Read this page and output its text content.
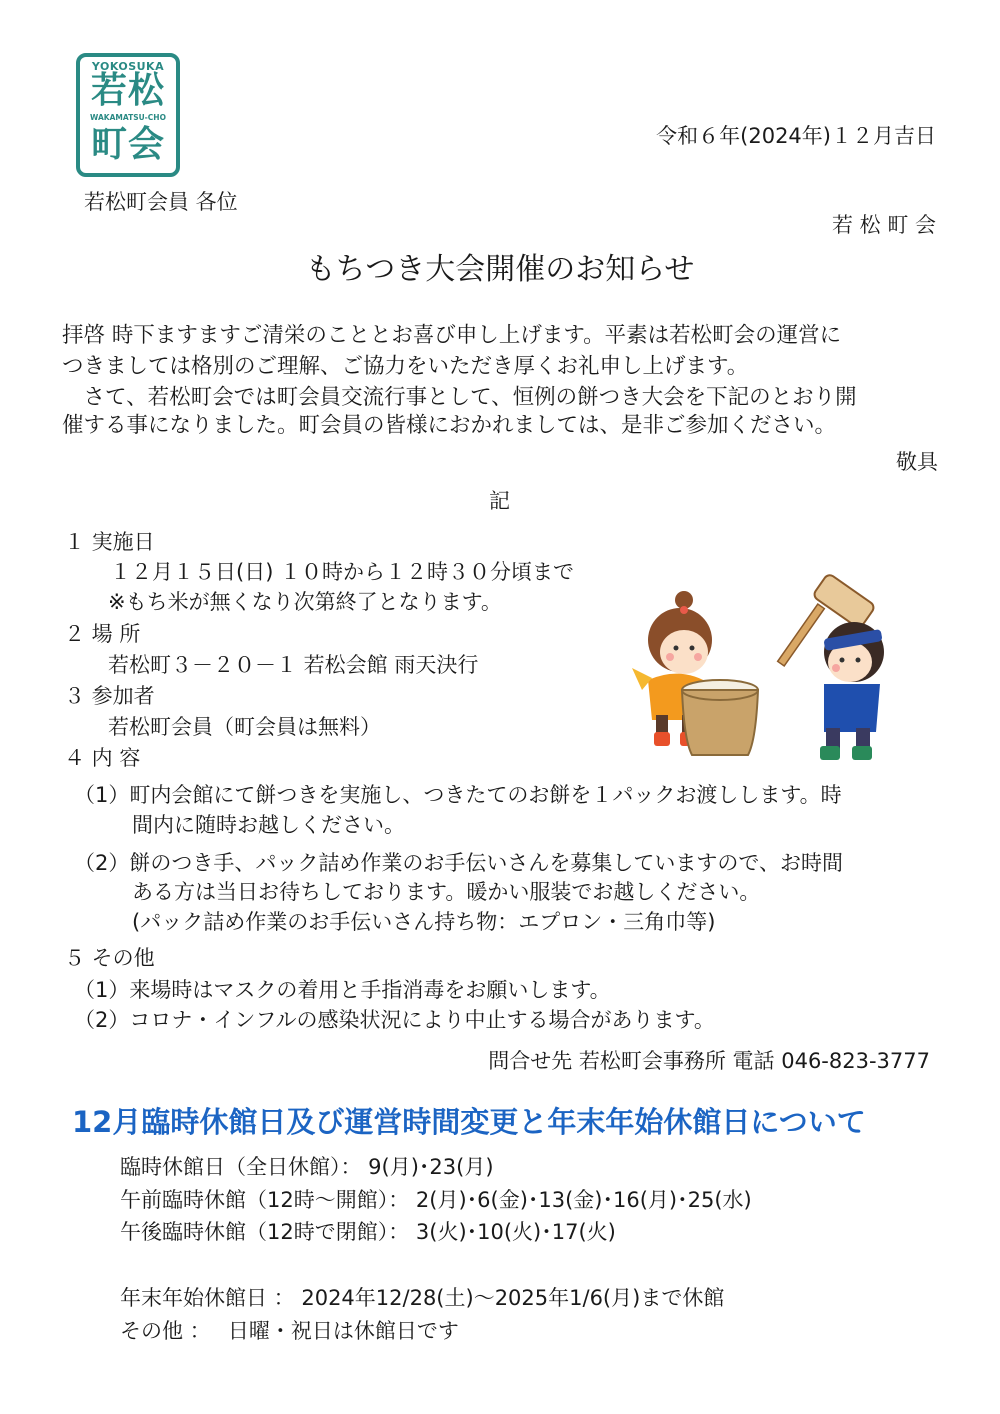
YOKOSUKA
若松
WAKAMATSU-CHO
町会	令和６年(2024年)１２月吉日
若松町会員 各位
若 松 町 会
もちつき大会開催のお知らせ
拝啓 時下ますますご清栄のこととお喜び申し上げます。平素は若松町会の運営に
つきましては格別のご理解、ご協力をいただき厚くお礼申し上げます。
　さて、若松町会では町会員交流行事として、恒例の餅つき大会を下記のとおり開
催する事になりました。町会員の皆様におかれましては、是非ご参加ください。
敬具
記
１ 実施日
１２月１５日(日) １０時から１２時３０分頃まで
※もち米が無くなり次第終了となります。
２ 場 所
若松町３－２０－１ 若松会館 雨天決行
３ 参加者
若松町会員（町会員は無料）
４ 内 容
（1）町内会館にて餅つきを実施し、つきたてのお餅を１パックお渡しします。時
間内に随時お越しください。
（2）餅のつき手、パック詰め作業のお手伝いさんを募集していますので、お時間
ある方は当日お待ちしております。暖かい服装でお越しください。
(パック詰め作業のお手伝いさん持ち物：エプロン・三角巾等)
５ その他
（1）来場時はマスクの着用と手指消毒をお願いします。
（2）コロナ・インフルの感染状況により中止する場合があります。
問合せ先 若松町会事務所 電話 046-823-3777
12月臨時休館日及び運営時間変更と年末年始休館日について
臨時休館日（全日休館）： 9(月)･23(月)
午前臨時休館（12時～開館）： 2(月)･6(金)･13(金)･16(月)･25(水)
午後臨時休館（12時で閉館）： 3(火)･10(火)･17(火)
年末年始休館日 ： 2024年12/28(土)～2025年1/6(月)まで休館
その他 ：　 日曜・祝日は休館日です
